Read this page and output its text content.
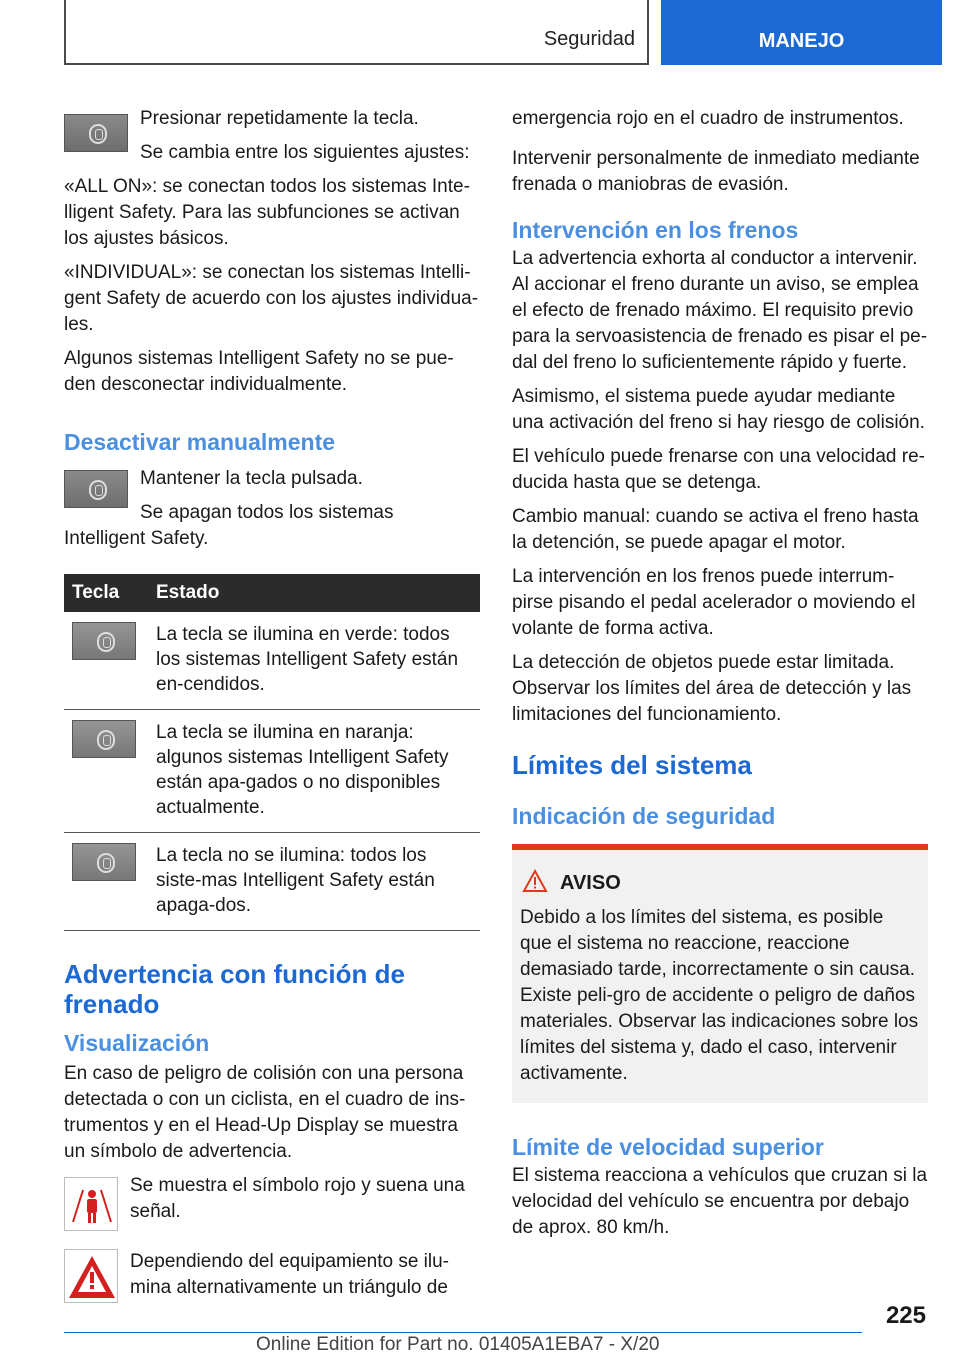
Seguridad	MANEJO

Presionar repetidamente la tecla.

Se cambia entre los siguientes ajustes:

«ALL ON»: se conectan todos los sistemas Inte-lligent Safety. Para las subfunciones se activan los ajustes básicos.

«INDIVIDUAL»: se conectan los sistemas Intelli-gent Safety de acuerdo con los ajustes individua-les.

Algunos sistemas Intelligent Safety no se pue-den desconectar individualmente.

Desactivar manualmente

Mantener la tecla pulsada.

Se apagan todos los sistemas Intelligent Safety.

Tecla	Estado

	La tecla se ilumina en verde: todos los sistemas Intelligent Safety están en-cendidos.

	La tecla se ilumina en naranja: algunos sistemas Intelligent Safety están apa-gados o no disponibles actualmente.

	La tecla no se ilumina: todos los siste-mas Intelligent Safety están apaga-dos.
Advertencia con función de frenado
Visualización

En caso de peligro de colisión con una persona detectada o con un ciclista, en el cuadro de ins-trumentos y en el Head-Up Display se muestra un símbolo de advertencia.

Se muestra el símbolo rojo y suena una señal.

Dependiendo del equipamiento se ilu-mina alternativamente un triángulo de

emergencia rojo en el cuadro de instrumentos.

Intervenir personalmente de inmediato mediante frenada o maniobras de evasión.

Intervención en los frenos

La advertencia exhorta al conductor a intervenir. Al accionar el freno durante un aviso, se emplea el efecto de frenado máximo. El requisito previo para la servoasistencia de frenado es pisar el pe-dal del freno lo suficientemente rápido y fuerte.

Asimismo, el sistema puede ayudar mediante una activación del freno si hay riesgo de colisión.

El vehículo puede frenarse con una velocidad re-ducida hasta que se detenga.

Cambio manual: cuando se activa el freno hasta la detención, se puede apagar el motor.

La intervención en los frenos puede interrum-pirse pisando el pedal acelerador o moviendo el volante de forma activa.

La detección de objetos puede estar limitada. Observar los límites del área de detección y las limitaciones del funcionamiento.

Límites del sistema
Indicación de seguridad
AVISO

Debido a los límites del sistema, es posible que el sistema no reaccione, reaccione demasiado tarde, incorrectamente o sin causa. Existe peli-gro de accidente o peligro de daños materiales. Observar las indicaciones sobre los límites del sistema y, dado el caso, intervenir activamente.

Límite de velocidad superior

El sistema reacciona a vehículos que cruzan si la velocidad del vehículo se encuentra por debajo de aprox. 80 km/h.

225
Online Edition for Part no. 01405A1EBA7 - X/20
